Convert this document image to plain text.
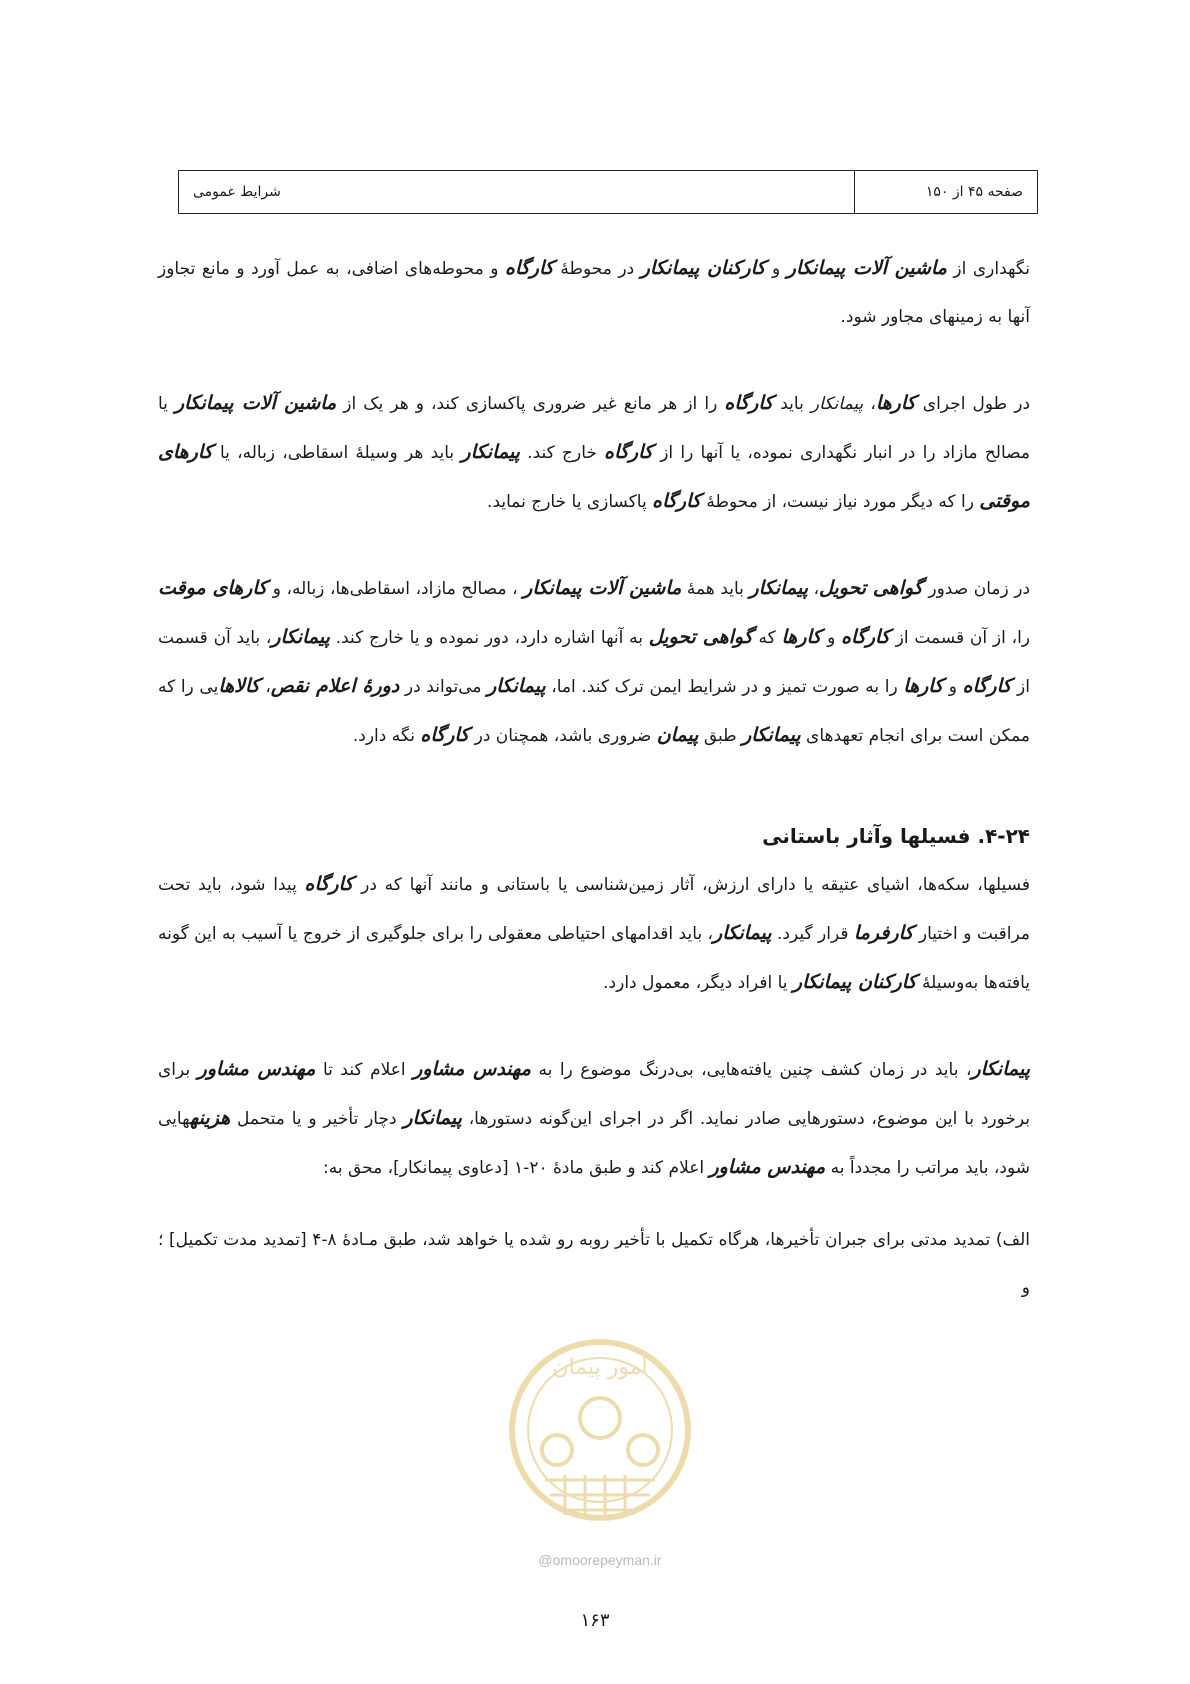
صفحه ۴۵ از ۱۵۰
شرایط عمومی

نگهداری از ماشین آلات پیمانکار و کارکنان پیمانکار در محوطهٔ کارگاه و محوطه‌های اضافی، به عمل آورد و مانع تجاوز آنها به زمینهای مجاور شود.

در طول اجرای کارها، پیمانکار باید کارگاه را از هر مانع غیر ضروری پاکسازی کند، و هر یک از ماشین آلات پیمانکار یا مصالح مازاد را در انبار نگهداری نموده، یا آنها را از کارگاه خارج کند. پیمانکار باید هر وسیلهٔ اسقاطی، زباله، یا کارهای موقتی را که دیگر مورد نیاز نیست، از محوطهٔ کارگاه پاکسازی یا خارج نماید.

در زمان صدور گواهی تحویل، پیمانکار باید همهٔ ماشین آلات پیمانکار ، مصالح مازاد، اسقاطی‌ها، زباله، و کارهای موقت را، از آن قسمت از کارگاه و کارها که گواهی تحویل به آنها اشاره دارد، دور نموده و یا خارج کند. پیمانکار، باید آن قسمت از کارگاه و کارها را به صورت تمیز و در شرایط ایمن ترک کند. اما، پیمانکار می‌تواند در دورهٔ اعلام نقص، کالاهایی را که ممکن است برای انجام تعهدهای پیمانکار طبق پیمان ضروری باشد، همچنان در کارگاه نگه دارد.

۴-۲۴. فسیلها وآثار باستانی

فسیلها، سکه‌ها، اشیای عتیقه یا دارای ارزش، آثار زمین‌شناسی یا باستانی و مانند آنها که در کارگاه پیدا شود، باید تحت مراقبت و اختیار کارفرما قرار گیرد. پیمانکار، باید اقدامهای احتیاطی معقولی را برای جلوگیری از خروج یا آسیب به این گونه یافته‌ها به‌وسیلهٔ کارکنان پیمانکار یا افراد دیگر، معمول دارد.

پیمانکار، باید در زمان کشف چنین یافته‌هایی، بی‌درنگ موضوع را به مهندس مشاور اعلام کند تا مهندس مشاور برای برخورد با این موضوع، دستورهایی صادر نماید. اگر در اجرای این‌گونه دستورها، پیمانکار دچار تأخیر و یا متحمل هزینههایی شود، باید مراتب را مجدداً به مهندس مشاور اعلام کند و طبق مادهٔ ۲۰-۱ [دعاوی پیمانکار]، محق به:

الف) تمدید مدتی برای جبران تأخیرها، هرگاه تکمیل با تأخیر روبه رو شده یا خواهد شد، طبق مـادهٔ ۸-۴ [تمدید مدت تکمیل] ؛ و

امور پیمان
@omoorepeyman.ir
۱۶۳
